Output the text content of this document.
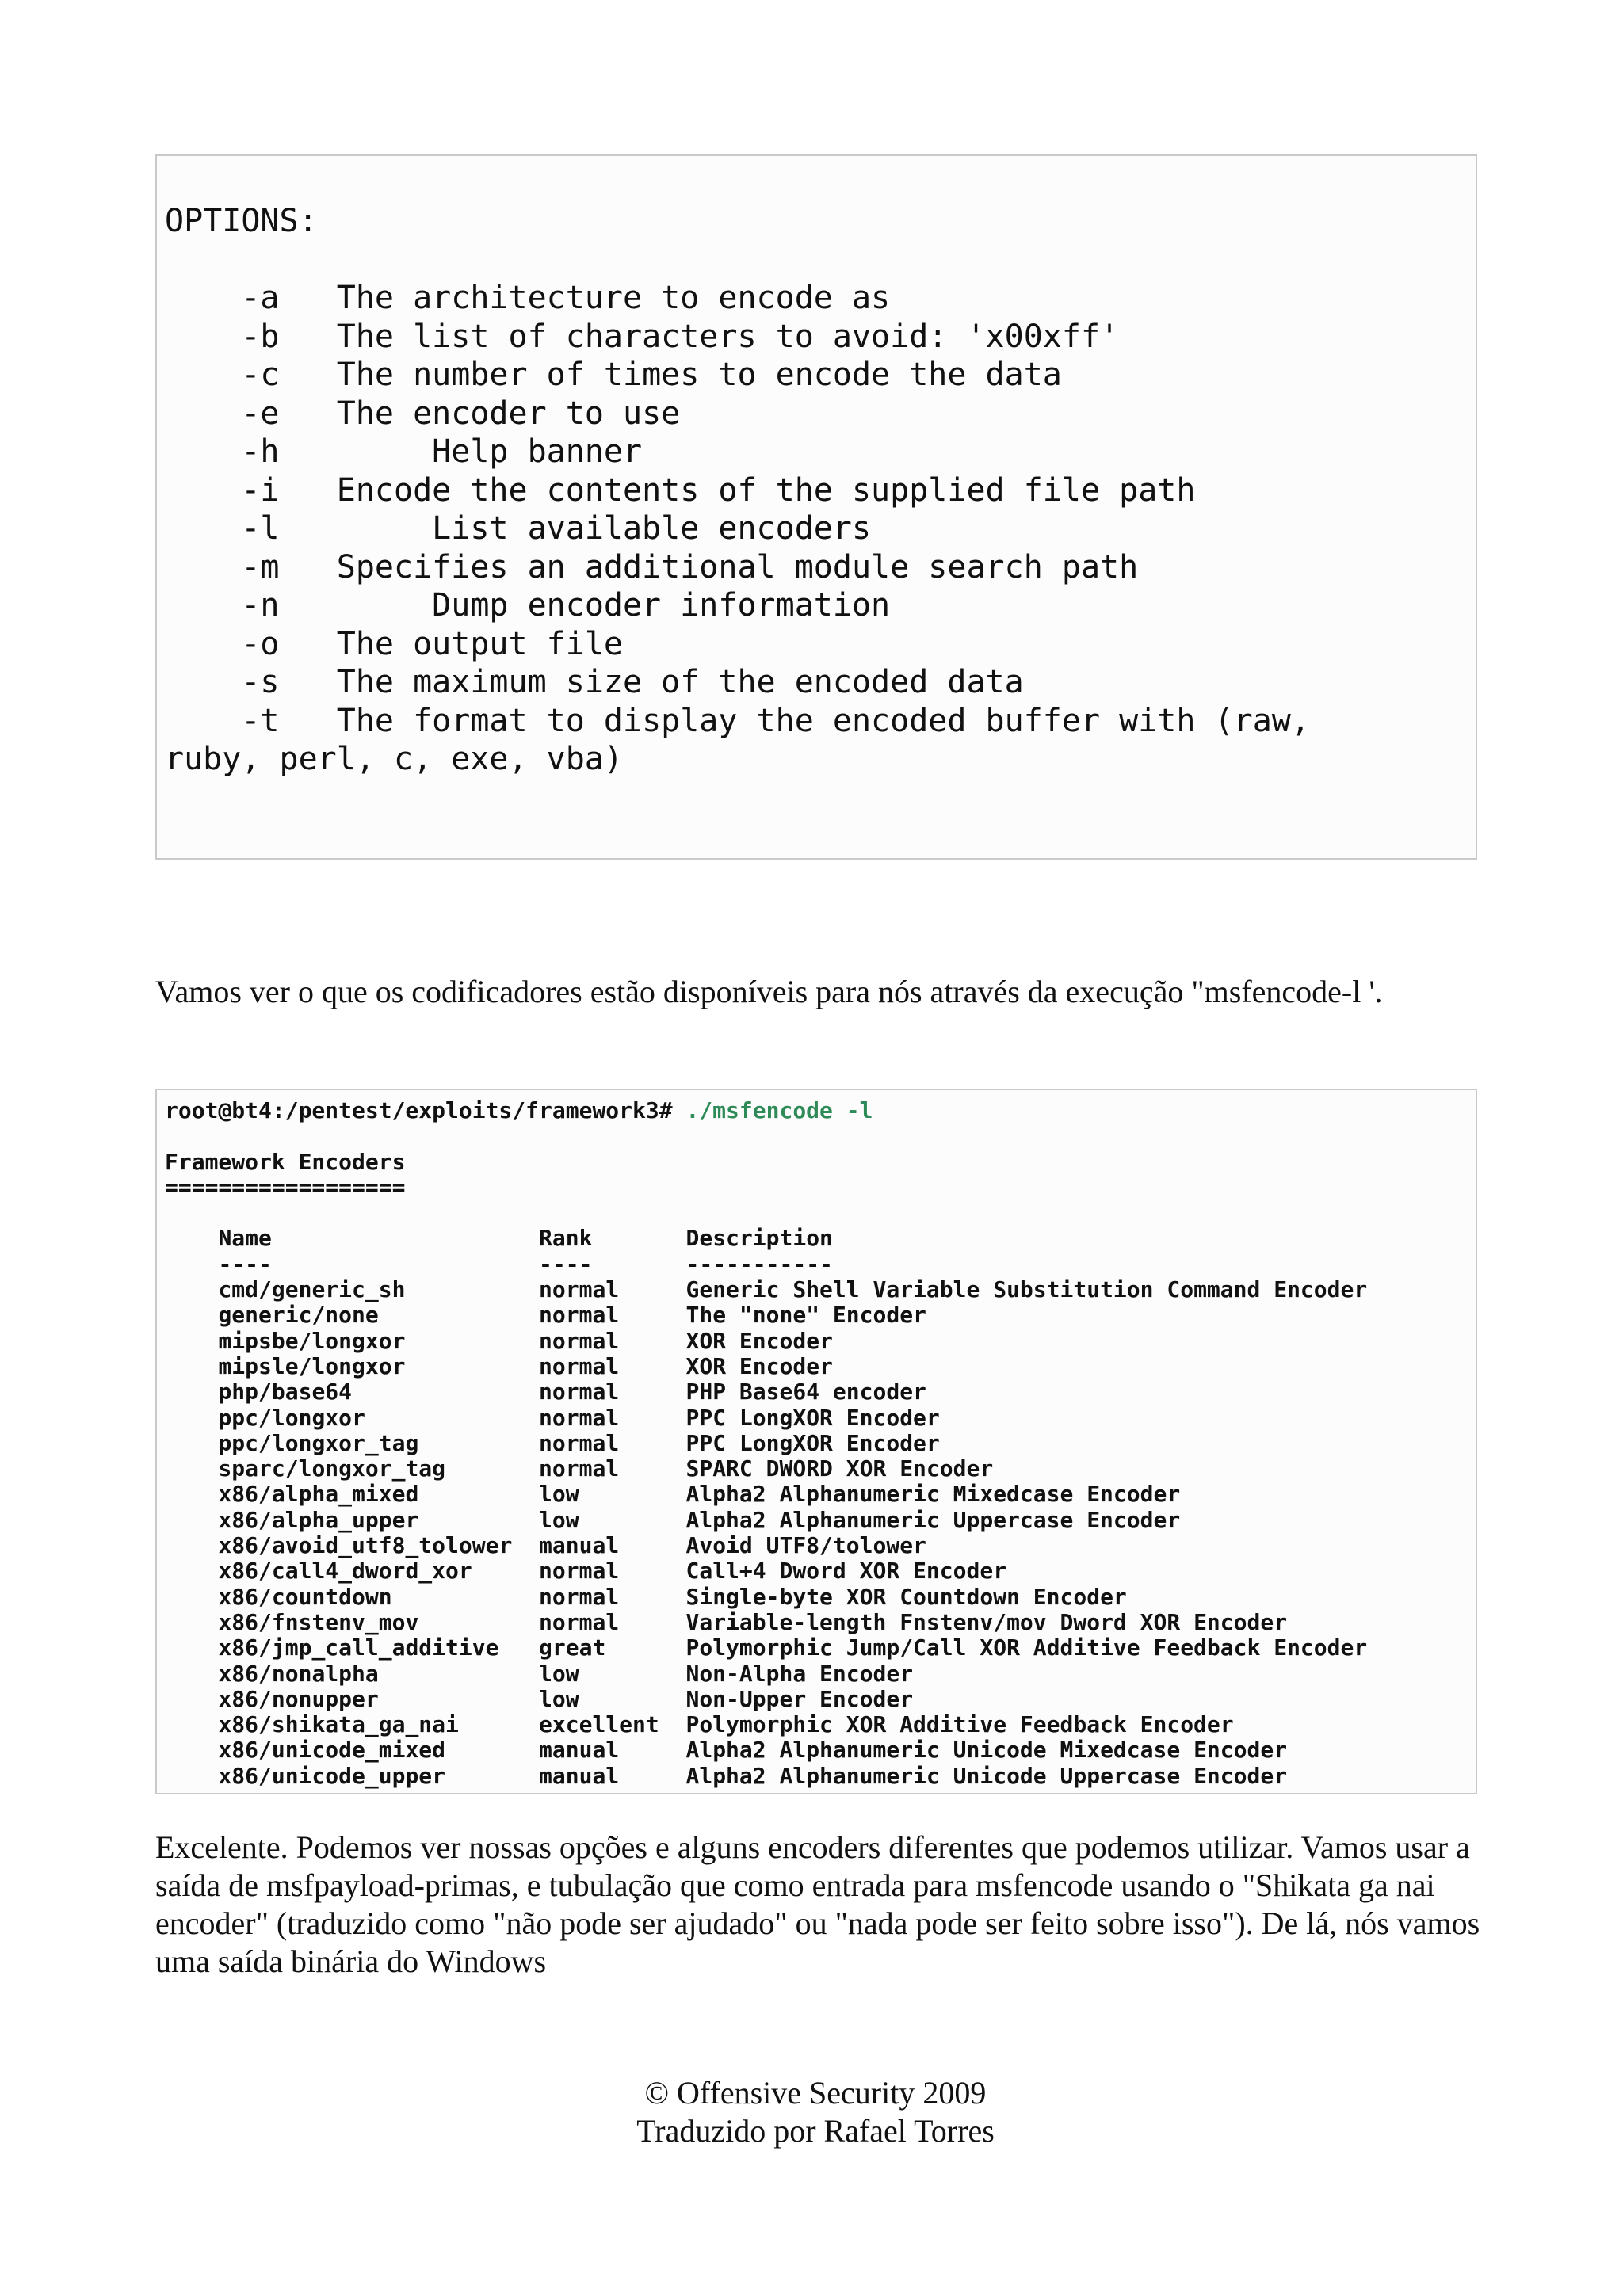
OPTIONS:

-a The architecture to encode as
-b The list of characters to avoid: 'x00xff'
-c The number of times to encode the data
-e The encoder to use
-h	Help banner
-i Encode the contents of the supplied file path
-l	List available encoders
-m Specifies an additional module search path
-n	Dump encoder information
-o The output file
-s The maximum size of the encoded data
-t The format to display the encoded buffer with (raw,
ruby, perl, c, exe, vba)

Vamos ver o que os codificadores estão disponíveis para nós através da execução "msfencode-l '.

root@bt4:/pentest/exploits/framework3# ./msfencode -l

Framework Encoders
==================

Name	Rank	Description
----	----	-----------
cmd/generic_sh	normal	Generic Shell Variable Substitution Command Encoder
generic/none	normal	The "none" Encoder
mipsbe/longxor	normal	XOR Encoder
mipsle/longxor	normal	XOR Encoder
php/base64	normal	PHP Base64 encoder
ppc/longxor	normal	PPC LongXOR Encoder
ppc/longxor_tag	normal	PPC LongXOR Encoder
sparc/longxor_tag	normal	SPARC DWORD XOR Encoder
x86/alpha_mixed	low	Alpha2 Alphanumeric Mixedcase Encoder
x86/alpha_upper	low	Alpha2 Alphanumeric Uppercase Encoder
x86/avoid_utf8_tolower manual	Avoid UTF8/tolower
x86/call4_dword_xor	normal	Call+4 Dword XOR Encoder
x86/countdown	normal	Single-byte XOR Countdown Encoder
x86/fnstenv_mov	normal	Variable-length Fnstenv/mov Dword XOR Encoder
x86/jmp_call_additive great	Polymorphic Jump/Call XOR Additive Feedback Encoder
x86/nonalpha	low	Non-Alpha Encoder
x86/nonupper	low	Non-Upper Encoder
x86/shikata_ga_nai	excellent Polymorphic XOR Additive Feedback Encoder
x86/unicode_mixed	manual	Alpha2 Alphanumeric Unicode Mixedcase Encoder
x86/unicode_upper	manual	Alpha2 Alphanumeric Unicode Uppercase Encoder

Excelente. Podemos ver nossas opções e alguns encoders diferentes que podemos utilizar. Vamos usar a saída de msfpayload-primas, e tubulação que como entrada para msfencode usando o "Shikata ga nai encoder" (traduzido como "não pode ser ajudado" ou "nada pode ser feito sobre isso"). De lá, nós vamos uma saída binária do Windows

© Offensive Security 2009
Traduzido por Rafael Torres
